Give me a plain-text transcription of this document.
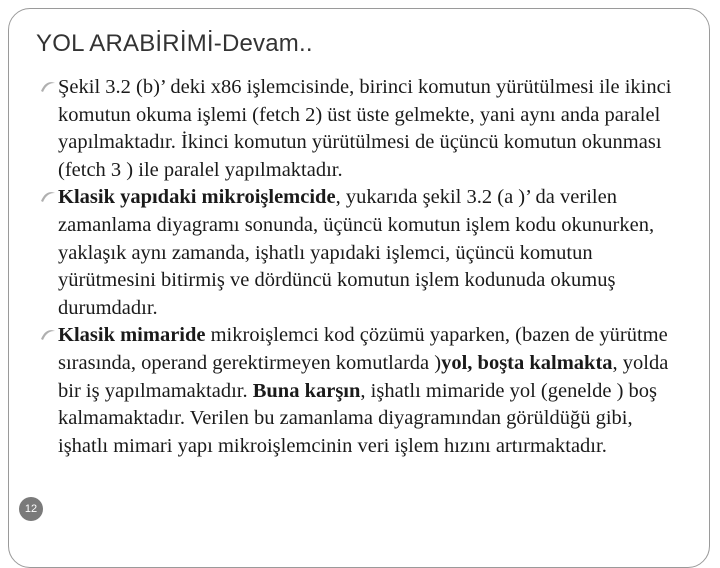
YOL ARABİRİMİ-Devam..
Şekil 3.2 (b)’ deki x86 işlemcisinde, birinci komutun yürütülmesi ile ikinci komutun okuma işlemi (fetch 2) üst üste gelmekte, yani aynı anda paralel yapılmaktadır. İkinci komutun yürütülmesi de üçüncü komutun okunması (fetch 3 ) ile paralel yapılmaktadır.
Klasik yapıdaki mikroişlemcide, yukarıda şekil 3.2 (a )’ da verilen zamanlama diyagramı sonunda, üçüncü komutun işlem kodu okunurken, yaklaşık aynı zamanda, işhatlı yapıdaki işlemci, üçüncü komutun yürütmesini bitirmiş ve dördüncü komutun işlem kodunuda okumuş durumdadır.
Klasik mimaride mikroişlemci kod çözümü yaparken, (bazen de yürütme sırasında, operand gerektirmeyen komutlarda )yol, boşta kalmakta, yolda bir iş yapılmamaktadır. Buna karşın, işhatlı mimaride yol (genelde ) boş kalmamaktadır. Verilen bu zamanlama diyagramından görüldüğü gibi, işhatlı mimari yapı mikroişlemcinin veri işlem hızını artırmaktadır.
12
